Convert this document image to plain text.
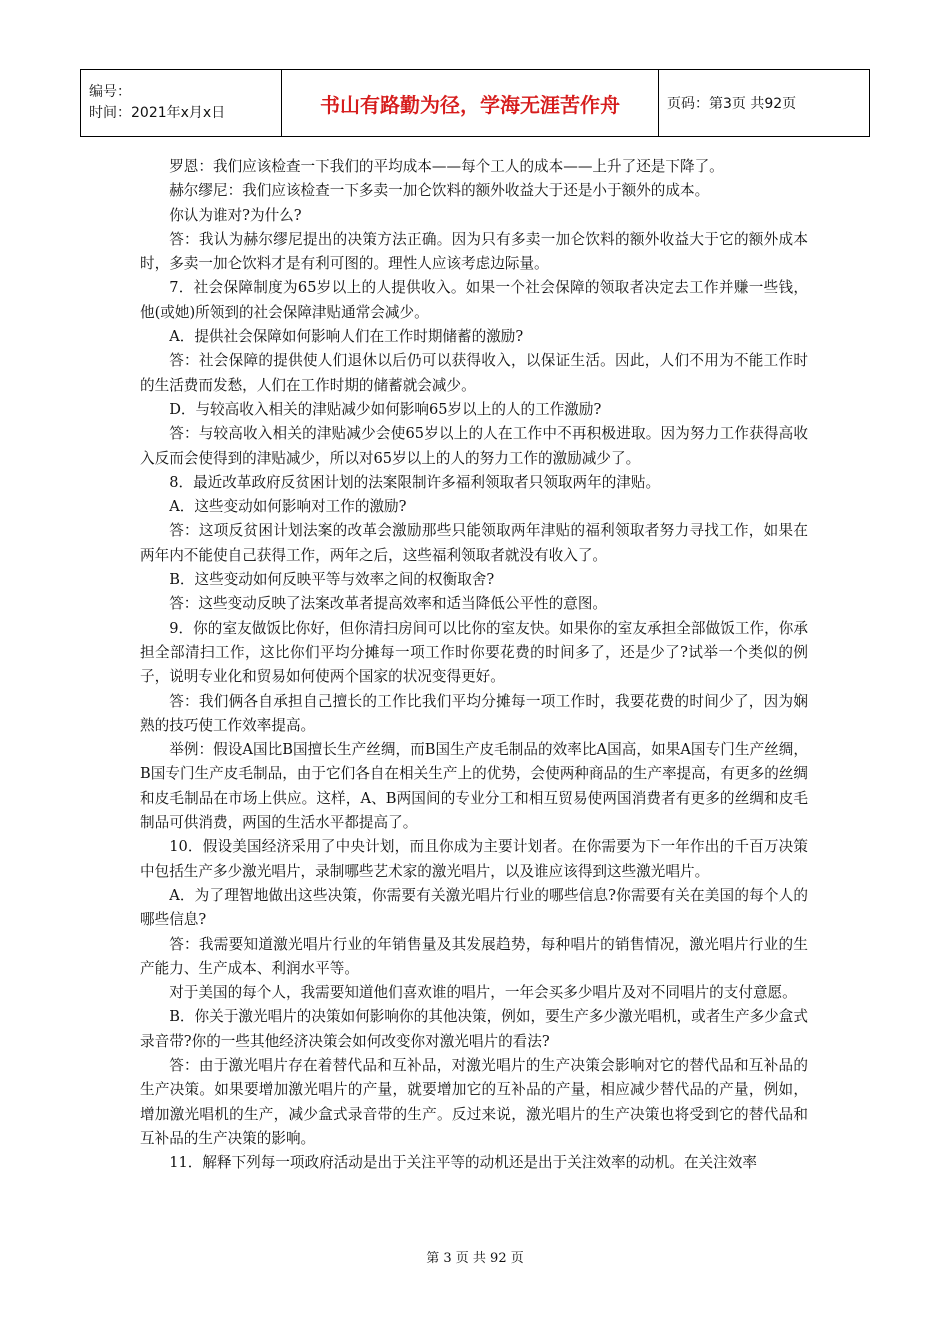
编号：
时间：2021年x月x日	书山有路勤为径，学海无涯苦作舟	页码：第3页 共92页

罗恩：我们应该检查一下我们的平均成本——每个工人的成本——上升了还是下降了。

赫尔缪尼：我们应该检查一下多卖一加仑饮料的额外收益大于还是小于额外的成本。

你认为谁对?为什么?

答：我认为赫尔缪尼提出的决策方法正确。因为只有多卖一加仑饮料的额外收益大于它的额外成本时，多卖一加仑饮料才是有利可图的。理性人应该考虑边际量。

7．社会保障制度为65岁以上的人提供收入。如果一个社会保障的领取者决定去工作并赚一些钱，他(或她)所领到的社会保障津贴通常会减少。

A．提供社会保障如何影响人们在工作时期储蓄的激励?

答：社会保障的提供使人们退休以后仍可以获得收入，以保证生活。因此，人们不用为不能工作时的生活费而发愁，人们在工作时期的储蓄就会减少。

D．与较高收入相关的津贴减少如何影响65岁以上的人的工作激励?

答：与较高收入相关的津贴减少会使65岁以上的人在工作中不再积极进取。因为努力工作获得高收入反而会使得到的津贴减少，所以对65岁以上的人的努力工作的激励减少了。

8．最近改革政府反贫困计划的法案限制许多福利领取者只领取两年的津贴。

A．这些变动如何影响对工作的激励?

答：这项反贫困计划法案的改革会激励那些只能领取两年津贴的福利领取者努力寻找工作，如果在两年内不能使自己获得工作，两年之后，这些福利领取者就没有收入了。

B．这些变动如何反映平等与效率之间的权衡取舍?

答：这些变动反映了法案改革者提高效率和适当降低公平性的意图。

9．你的室友做饭比你好，但你清扫房间可以比你的室友快。如果你的室友承担全部做饭工作，你承担全部清扫工作，这比你们平均分摊每一项工作时你要花费的时间多了，还是少了?试举一个类似的例子，说明专业化和贸易如何使两个国家的状况变得更好。

答：我们俩各自承担自己擅长的工作比我们平均分摊每一项工作时，我要花费的时间少了，因为娴熟的技巧使工作效率提高。

举例：假设A国比B国擅长生产丝绸，而B国生产皮毛制品的效率比A国高，如果A国专门生产丝绸，B国专门生产皮毛制品，由于它们各自在相关生产上的优势，会使两种商品的生产率提高，有更多的丝绸和皮毛制品在市场上供应。这样，A、B两国间的专业分工和相互贸易使两国消费者有更多的丝绸和皮毛制品可供消费，两国的生活水平都提高了。

10．假设美国经济采用了中央计划，而且你成为主要计划者。在你需要为下一年作出的千百万决策中包括生产多少激光唱片，录制哪些艺术家的激光唱片，以及谁应该得到这些激光唱片。

A．为了理智地做出这些决策，你需要有关激光唱片行业的哪些信息?你需要有关在美国的每个人的哪些信息?

答：我需要知道激光唱片行业的年销售量及其发展趋势，每种唱片的销售情况，激光唱片行业的生产能力、生产成本、利润水平等。

对于美国的每个人，我需要知道他们喜欢谁的唱片，一年会买多少唱片及对不同唱片的支付意愿。

B．你关于激光唱片的决策如何影响你的其他决策，例如，要生产多少激光唱机，或者生产多少盒式录音带?你的一些其他经济决策会如何改变你对激光唱片的看法?

答：由于激光唱片存在着替代品和互补品，对激光唱片的生产决策会影响对它的替代品和互补品的生产决策。如果要增加激光唱片的产量，就要增加它的互补品的产量，相应减少替代品的产量，例如，增加激光唱机的生产，减少盒式录音带的生产。反过来说，激光唱片的生产决策也将受到它的替代品和互补品的生产决策的影响。

11．解释下列每一项政府活动是出于关注平等的动机还是出于关注效率的动机。在关注效率

第 3 页 共 92 页
